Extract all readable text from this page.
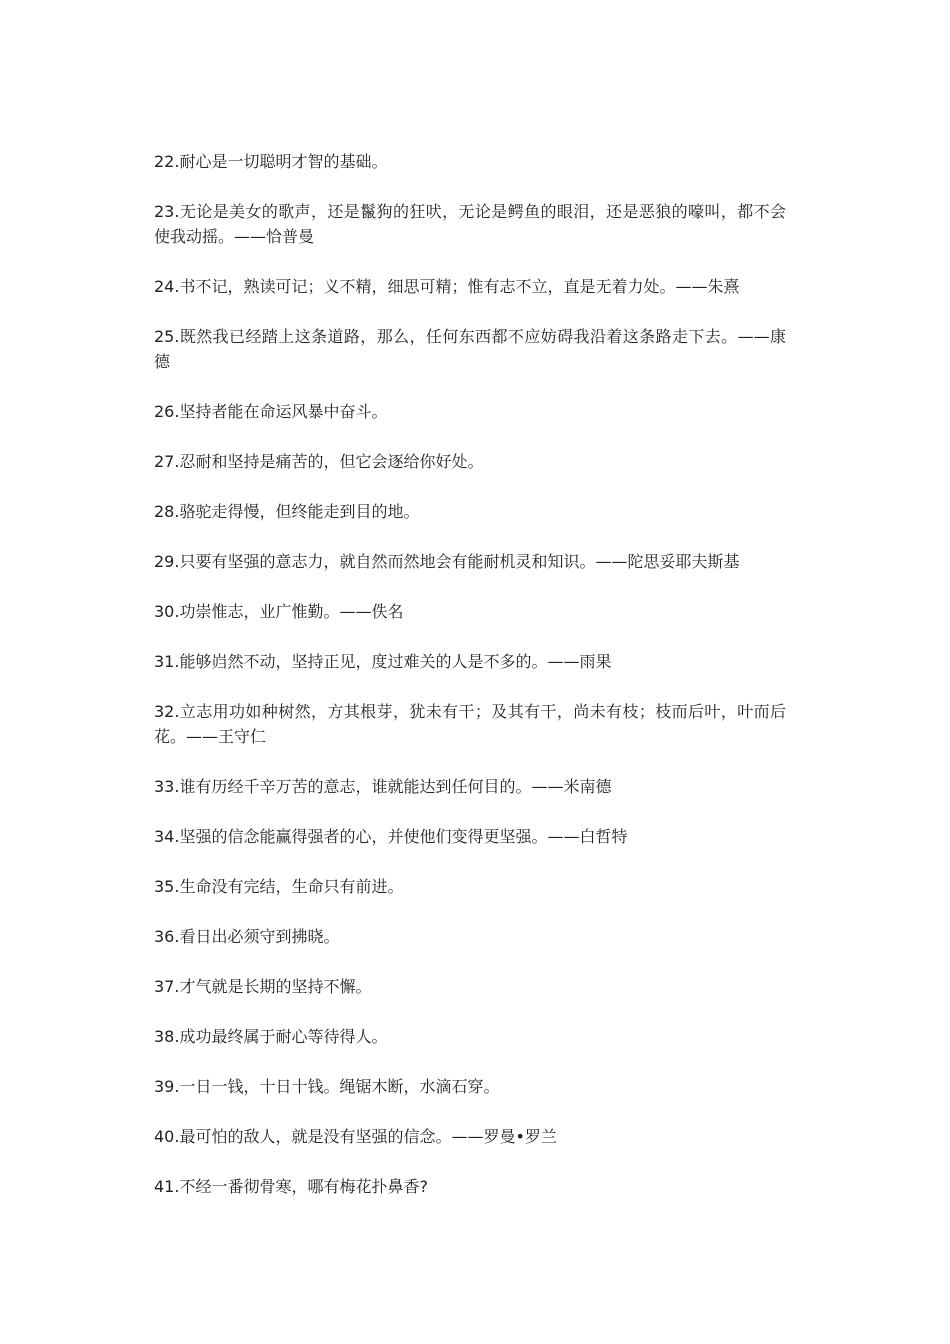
22.耐心是一切聪明才智的基础。

23.无论是美女的歌声，还是鬣狗的狂吠，无论是鳄鱼的眼泪，还是恶狼的嚎叫，都不会使我动摇。——恰普曼

24.书不记，熟读可记；义不精，细思可精；惟有志不立，直是无着力处。——朱熹

25.既然我已经踏上这条道路，那么，任何东西都不应妨碍我沿着这条路走下去。——康德

26.坚持者能在命运风暴中奋斗。

27.忍耐和坚持是痛苦的，但它会逐给你好处。

28.骆驼走得慢，但终能走到目的地。

29.只要有坚强的意志力，就自然而然地会有能耐机灵和知识。——陀思妥耶夫斯基

30.功崇惟志，业广惟勤。——佚名

31.能够岿然不动，坚持正见，度过难关的人是不多的。——雨果

32.立志用功如种树然，方其根芽，犹未有干；及其有干，尚未有枝；枝而后叶，叶而后花。——王守仁

33.谁有历经千辛万苦的意志，谁就能达到任何目的。——米南德

34.坚强的信念能赢得强者的心，并使他们变得更坚强。——白哲特

35.生命没有完结，生命只有前进。

36.看日出必须守到拂晓。

37.才气就是长期的坚持不懈。

38.成功最终属于耐心等待得人。

39.一日一钱，十日十钱。绳锯木断，水滴石穿。

40.最可怕的敌人，就是没有坚强的信念。——罗曼•罗兰

41.不经一番彻骨寒，哪有梅花扑鼻香?
